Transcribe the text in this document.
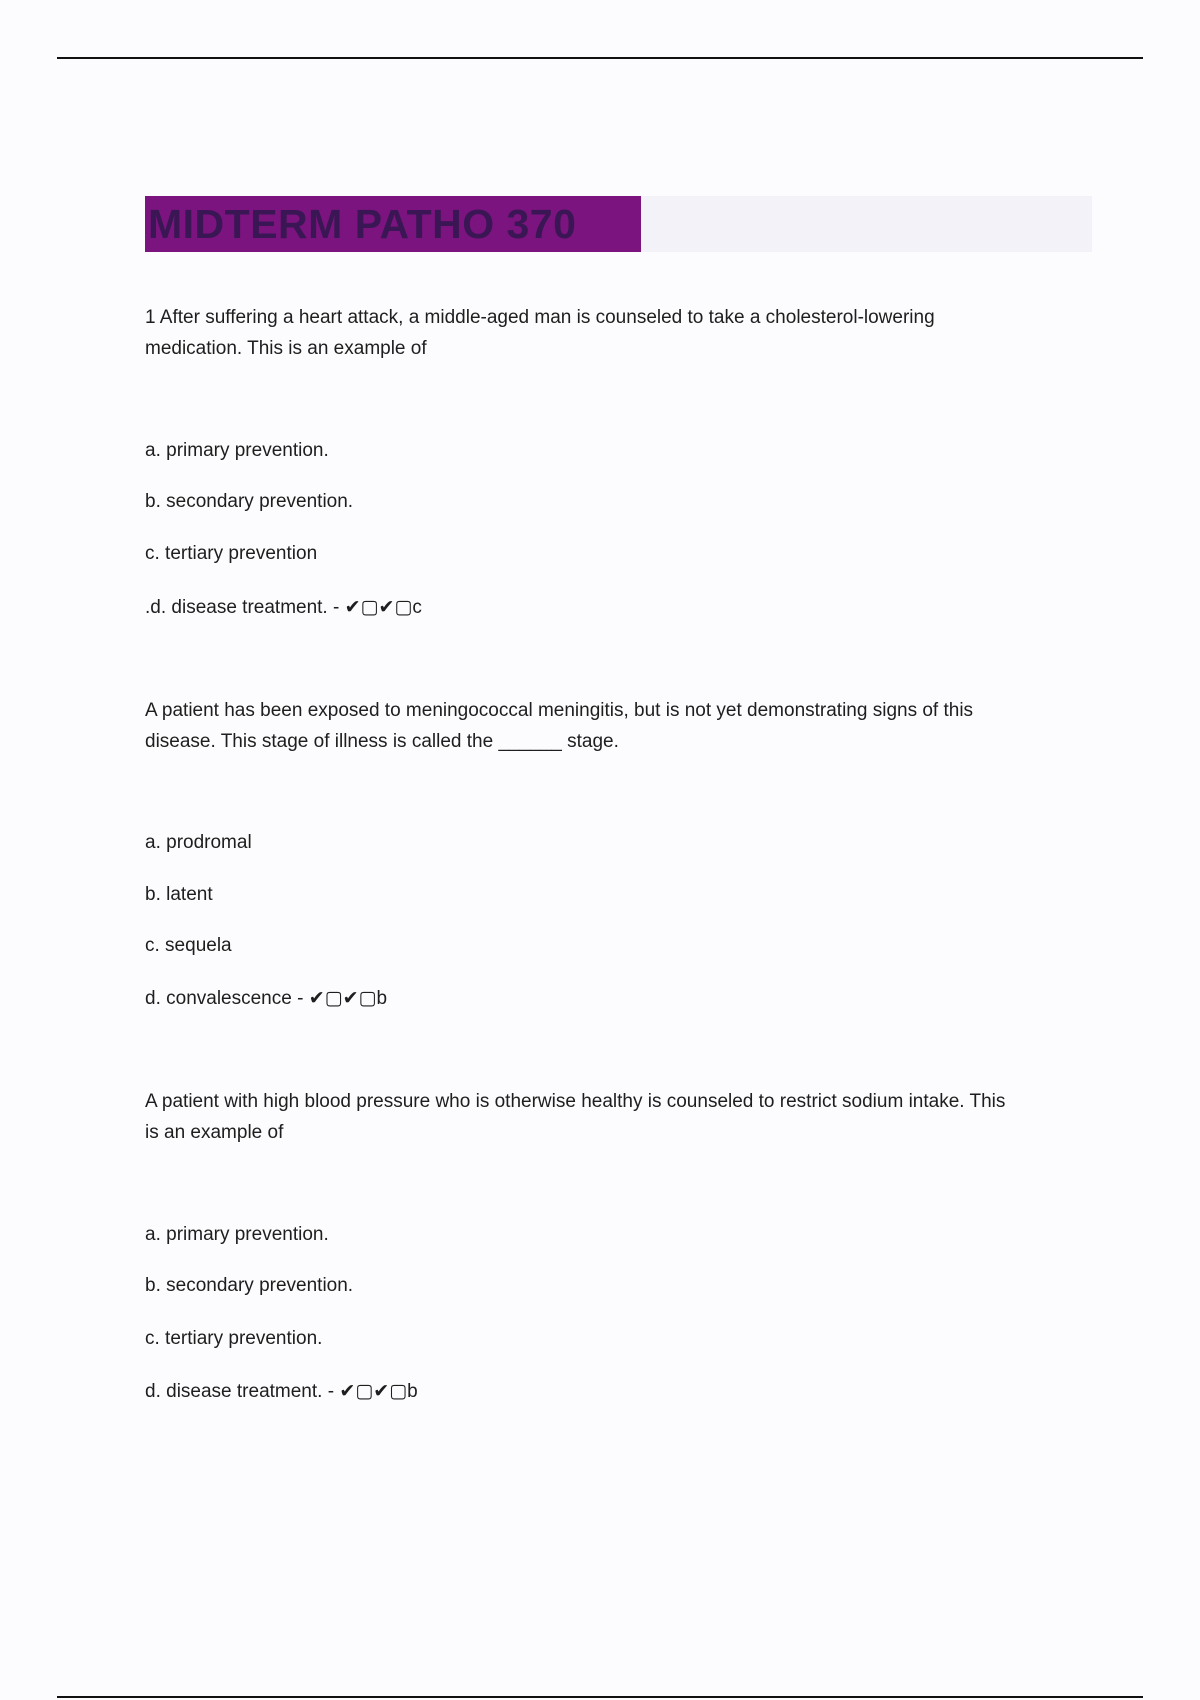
MIDTERM PATHO 370

1 After suffering a heart attack, a middle-aged man is counseled to take a cholesterol-lowering

medication. This is an example of

a. primary prevention.
b. secondary prevention.
c. tertiary prevention
.d. disease treatment. - ✔▢✔▢c

A patient has been exposed to meningococcal meningitis, but is not yet demonstrating signs of this

disease. This stage of illness is called the ______ stage.

a. prodromal
b. latent
c. sequela
d. convalescence - ✔▢✔▢b

A patient with high blood pressure who is otherwise healthy is counseled to restrict sodium intake. This

is an example of

a. primary prevention.
b. secondary prevention.
c. tertiary prevention.
d. disease treatment. - ✔▢✔▢b
